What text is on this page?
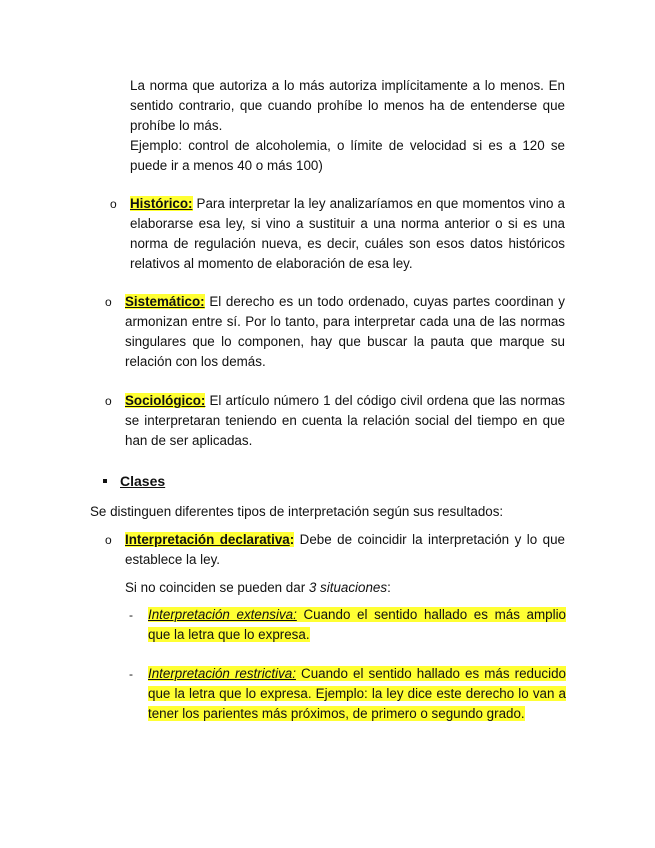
La norma que autoriza a lo más autoriza implícitamente a lo menos. En sentido contrario, que cuando prohíbe lo menos ha de entenderse que prohíbe lo más.

Ejemplo: control de alcoholemia, o límite de velocidad si es a 120 se puede ir a menos 40 o más 100)

o Histórico: Para interpretar la ley analizaríamos en que momentos vino a elaborarse esa ley, si vino a sustituir a una norma anterior o si es una norma de regulación nueva, es decir, cuáles son esos datos históricos relativos al momento de elaboración de esa ley.
o Sistemático: El derecho es un todo ordenado, cuyas partes coordinan y armonizan entre sí. Por lo tanto, para interpretar cada una de las normas singulares que lo componen, hay que buscar la pauta que marque su relación con los demás.
o Sociológico: El artículo número 1 del código civil ordena que las normas se interpretaran teniendo en cuenta la relación social del tiempo en que han de ser aplicadas.
Clases
Se distinguen diferentes tipos de interpretación según sus resultados:
o Interpretación declarativa: Debe de coincidir la interpretación y lo que establece la ley.
Si no coinciden se pueden dar 3 situaciones:
- Interpretación extensiva: Cuando el sentido hallado es más amplio que la letra que lo expresa.
- Interpretación restrictiva: Cuando el sentido hallado es más reducido que la letra que lo expresa. Ejemplo: la ley dice este derecho lo van a tener los parientes más próximos, de primero o segundo grado.
